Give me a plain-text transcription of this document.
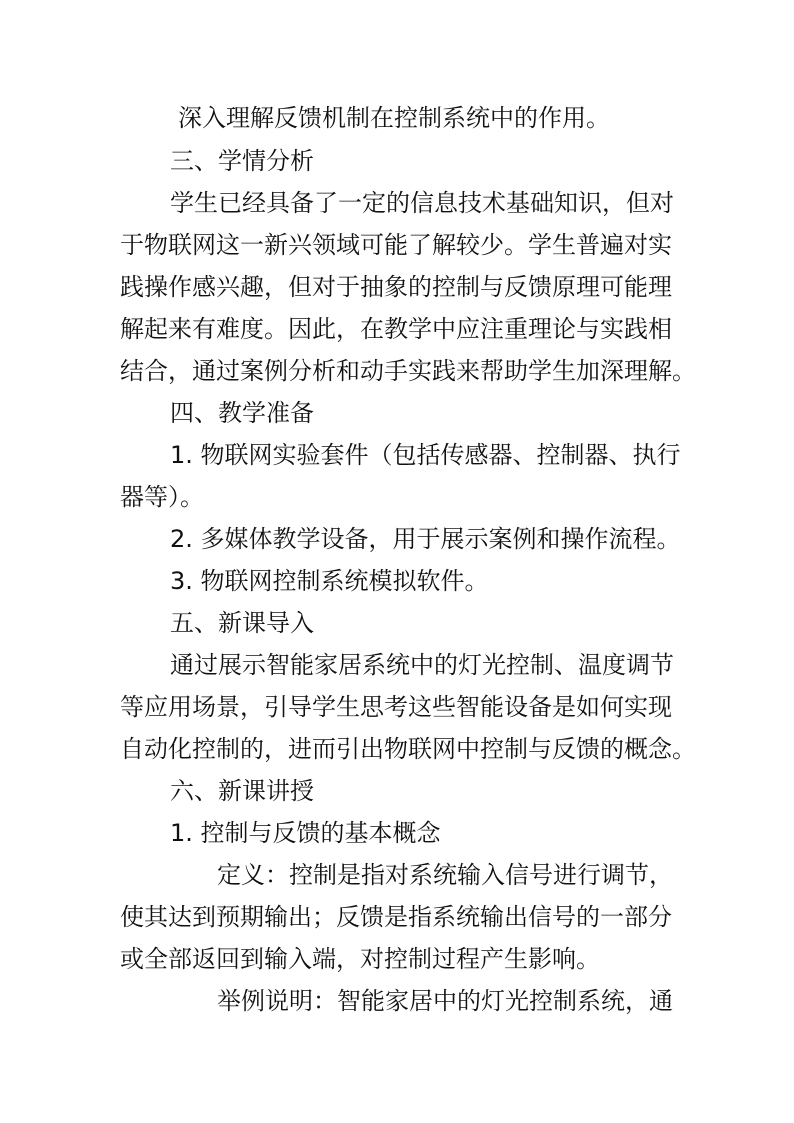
深入理解反馈机制在控制系统中的作用。
三、学情分析
学生已经具备了一定的信息技术基础知识，但对
于物联网这一新兴领域可能了解较少。学生普遍对实
践操作感兴趣，但对于抽象的控制与反馈原理可能理
解起来有难度。因此，在教学中应注重理论与实践相
结合，通过案例分析和动手实践来帮助学生加深理解。
四、教学准备
1. 物联网实验套件（包括传感器、控制器、执行
器等）。
2. 多媒体教学设备，用于展示案例和操作流程。
3. 物联网控制系统模拟软件。
五、新课导入
通过展示智能家居系统中的灯光控制、温度调节
等应用场景，引导学生思考这些智能设备是如何实现
自动化控制的，进而引出物联网中控制与反馈的概念。
六、新课讲授
1. 控制与反馈的基本概念
定义：控制是指对系统输入信号进行调节，
使其达到预期输出；反馈是指系统输出信号的一部分
或全部返回到输入端，对控制过程产生影响。
举例说明：智能家居中的灯光控制系统，通
